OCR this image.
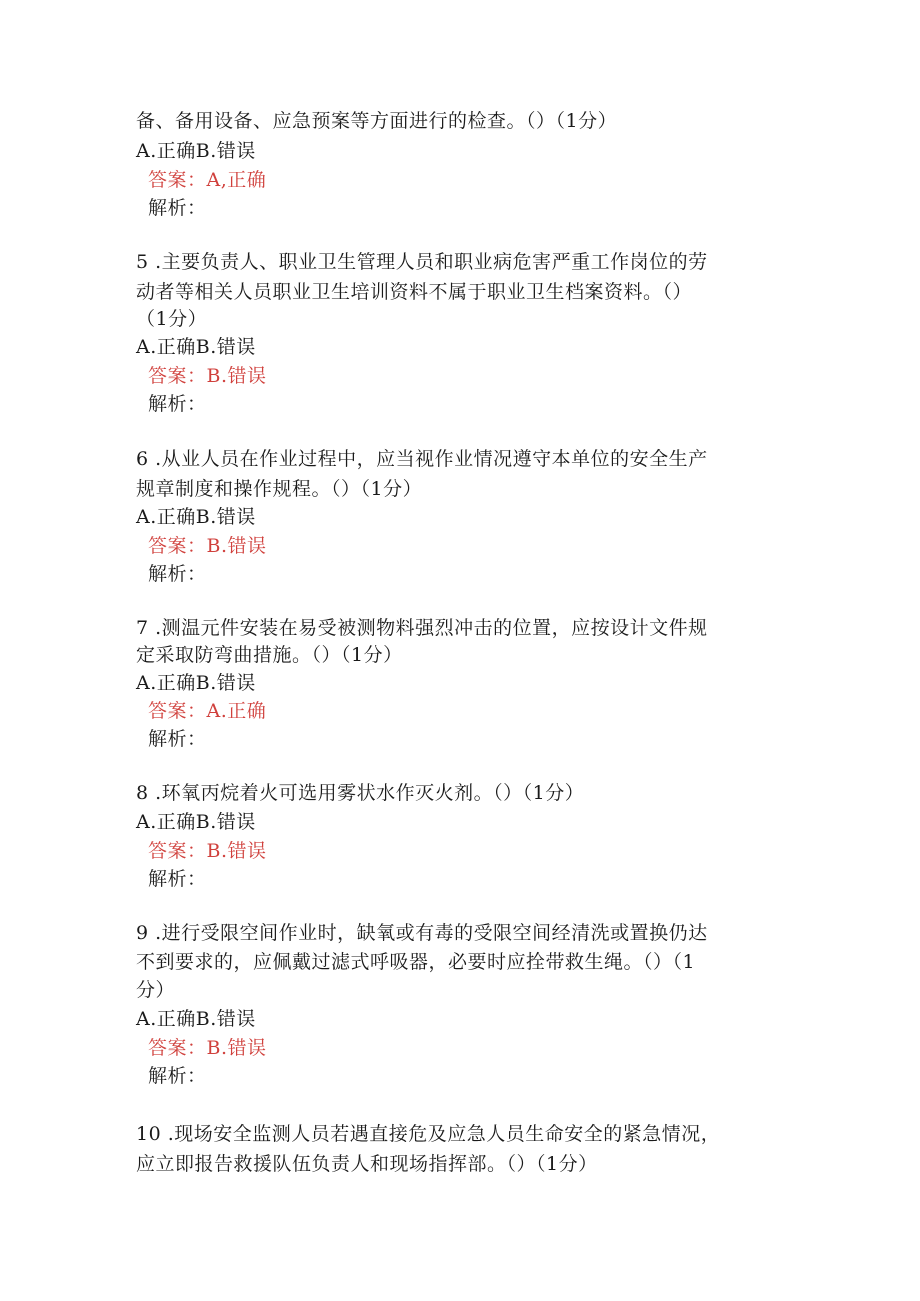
备、备用设备、应急预案等方面进行的检查。（）（1分）
A.正确B.错误
答案：A,正确
解析：
5 .主要负责人、职业卫生管理人员和职业病危害严重工作岗位的劳
动者等相关人员职业卫生培训资料不属于职业卫生档案资料。（）
（1分）
A.正确B.错误
答案：B.错误
解析：
6 .从业人员在作业过程中，应当视作业情况遵守本单位的安全生产
规章制度和操作规程。（）（1分）
A.正确B.错误
答案：B.错误
解析：
7 .测温元件安装在易受被测物料强烈冲击的位置，应按设计文件规
定采取防弯曲措施。（）（1分）
A.正确B.错误
答案：A.正确
解析：
8 .环氧丙烷着火可选用雾状水作灭火剂。（）（1分）
A.正确B.错误
答案：B.错误
解析：
9 .进行受限空间作业时，缺氧或有毒的受限空间经清洗或置换仍达
不到要求的，应佩戴过滤式呼吸器，必要时应拴带救生绳。（）（1
分）
A.正确B.错误
答案：B.错误
解析：
10 .现场安全监测人员若遇直接危及应急人员生命安全的紧急情况，
应立即报告救援队伍负责人和现场指挥部。（）（1分）
